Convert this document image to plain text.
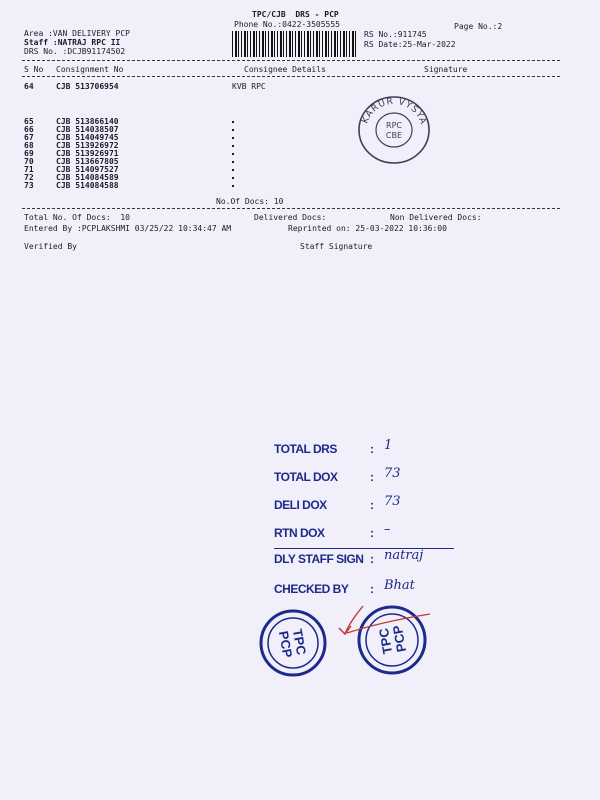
TPC/CJB  DRS - PCP
Phone No.:0422-3505555	Page No.:2
Area :VAN DELIVERY PCP
Staff :NATRAJ RPC II
DRS No. :DCJB91174502
RS No.:911745
RS Date:25-Mar-2022
S No Consignment No	Consignee Details	Signature
64	CJB 513706954	KVB RPC
65	CJB 513866140
66	CJB 514038507
67	CJB 514049745
68	CJB 513926972
69	CJB 513926971
70	CJB 513667805
71	CJB 514097527
72	CJB 514084589
73	CJB 514084588
No.Of Docs: 10
Total No. Of Docs:  10	Delivered Docs:	Non Delivered Docs:
Entered By :PCPLAKSHMI 03/25/22 10:34:47 AM	Reprinted on: 25-03-2022 10:36:00
Verified By	Staff Signature
KARUR VYSYA
RPC
CBE
TOTAL DRS	: 1
TOTAL DOX	: 73
DELI DOX	: 73
RTN DOX	: –
DLY STAFF SIGN : natraj
CHECKED BY : Bhat
TPC
PCP	TPC
PCP
